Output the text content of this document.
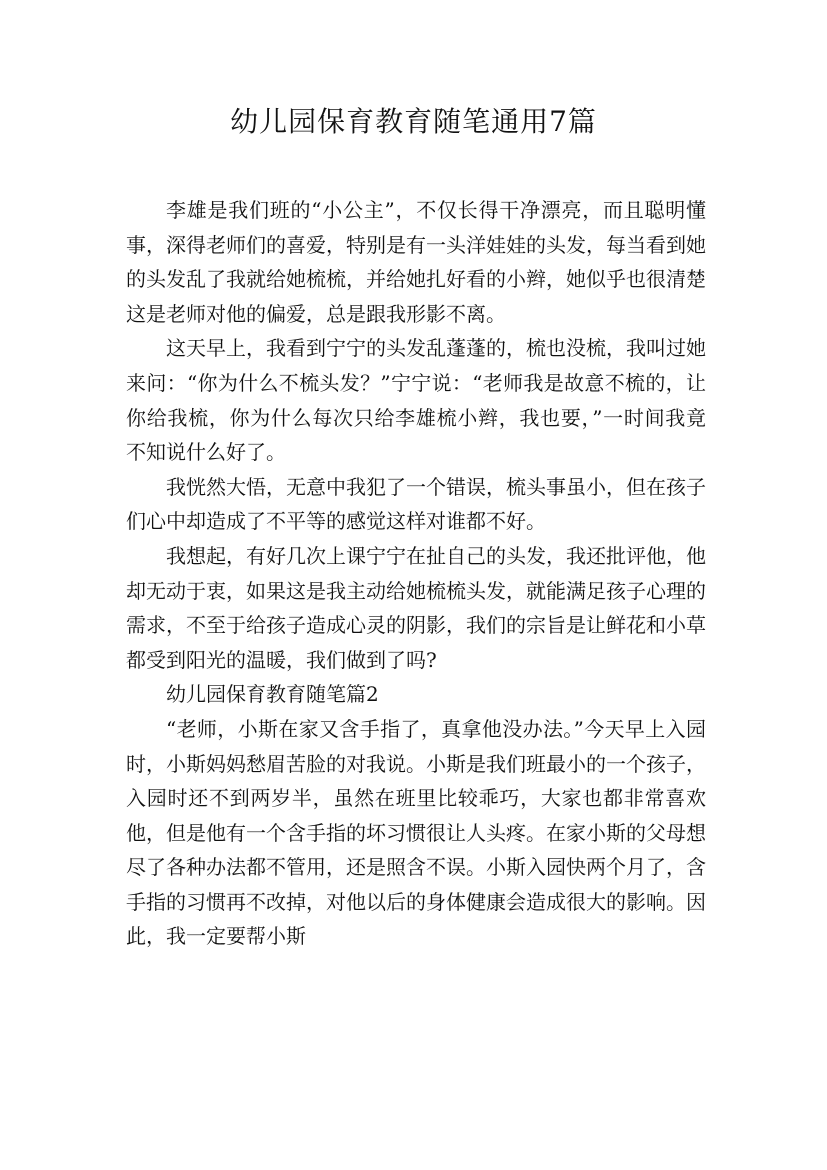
幼儿园保育教育随笔通用7篇

李雄是我们班的“小公主”，不仅长得干净漂亮，而且聪明懂事，深得老师们的喜爱，特别是有一头洋娃娃的头发，每当看到她的头发乱了我就给她梳梳，并给她扎好看的小辫，她似乎也很清楚这是老师对他的偏爱，总是跟我形影不离。

这天早上，我看到宁宁的头发乱蓬蓬的，梳也没梳，我叫过她来问：“你为什么不梳头发？”宁宁说：“老师我是故意不梳的，让你给我梳，你为什么每次只给李雄梳小辫，我也要，”一时间我竟不知说什么好了。

我恍然大悟，无意中我犯了一个错误，梳头事虽小，但在孩子们心中却造成了不平等的感觉这样对谁都不好。

我想起，有好几次上课宁宁在扯自己的头发，我还批评他，他却无动于衷，如果这是我主动给她梳梳头发，就能满足孩子心理的需求，不至于给孩子造成心灵的阴影，我们的宗旨是让鲜花和小草都受到阳光的温暖，我们做到了吗?

幼儿园保育教育随笔篇2

“老师，小斯在家又含手指了，真拿他没办法。”今天早上入园时，小斯妈妈愁眉苦脸的对我说。小斯是我们班最小的一个孩子，入园时还不到两岁半，虽然在班里比较乖巧，大家也都非常喜欢他，但是他有一个含手指的坏习惯很让人头疼。在家小斯的父母想尽了各种办法都不管用，还是照含不误。小斯入园快两个月了，含手指的习惯再不改掉，对他以后的身体健康会造成很大的影响。因此，我一定要帮小斯
